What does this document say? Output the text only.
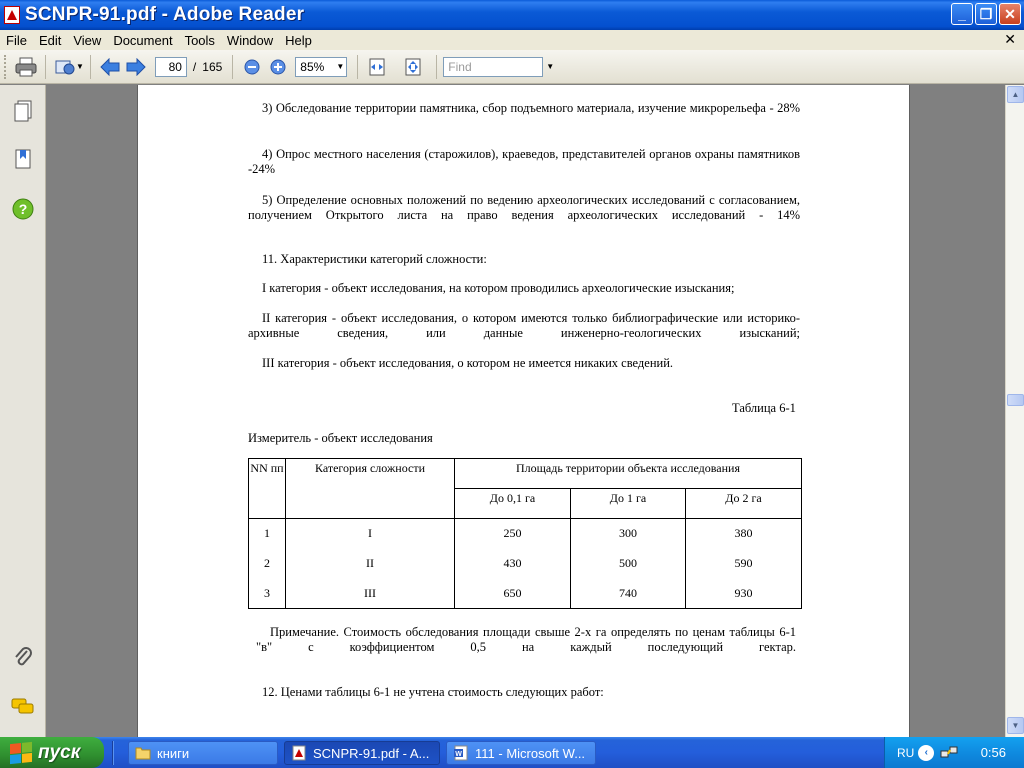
SCNPR-91.pdf - Adobe Reader	_ ❐ ✕
File Edit View Document Tools Window Help	✕
▼	80 / 165	85% ▼	Find	▼
?
3) Обследование территории памятника, сбор подъемного материала, изучение микрорельефа - 28%
4) Опрос местного населения (старожилов), краеведов, представителей органов охраны памятников -24%
5) Определение основных положений по ведению археологических исследований с согласованием, получением Открытого листа на право ведения археологических исследований - 14%
11. Характеристики категорий сложности:
I категория - объект исследования, на котором проводились археологические изыскания;
II категория - объект исследования, о котором имеются только библиографические или историко-архивные сведения, или данные инженерно-геологических изысканий;
III категория - объект исследования, о котором не имеется никаких сведений.
Таблица 6-1
Измеритель - объект исследования
NN пп	Категория сложности	Площадь территории объекта исследования		
		До 0,1 га	До 1 га	До 2 га
1	I	250	300	380
2	II	430	500	590
3	III	650	740	930
Примечание. Стоимость обследования площади свыше 2-х га определять по ценам таблицы 6-1 "в" с коэффициентом 0,5 на каждый последующий гектар.
12. Ценами таблицы 6-1 не учтена стоимость следующих работ:
▲
▼
пуск	книги	SCNPR-91.pdf - A...	W 111 - Microsoft W...	RU	‹	0:56
